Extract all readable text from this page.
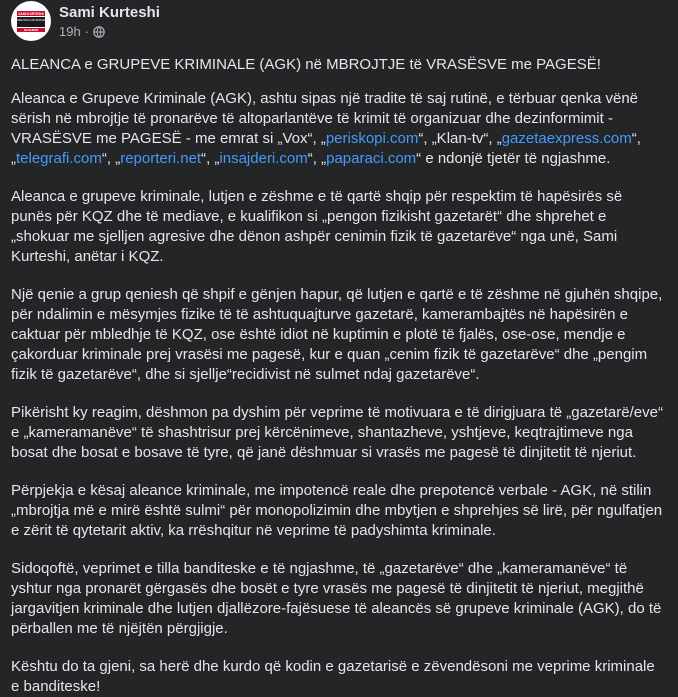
SAMI KURTESHI
DREJTËSI LIRI BARAZI
BASHKIM
Sami Kurteshi
19h ·

ALEANCA e GRUPEVE KRIMINALE (AGK) në MBROJTJE të VRASËSVE me PAGESË!

Aleanca e Grupeve Kriminale (AGK), ashtu sipas një tradite të saj rutinë, e tërbuar qenka vënë sërish në mbrojtje të pronarëve të altoparlantëve të krimit të organizuar dhe dezinformimit - VRASËSVE me PAGESË - me emrat si „Vox“, „periskopi.com“, „Klan-tv“, „gazetaexpress.com“, „telegrafi.com“, „reporteri.net“, „insajderi.com“, „paparaci.com“ e ndonjë tjetër të ngjashme.

Aleanca e grupeve kriminale, lutjen e zëshme e të qartë shqip për respektim të hapësirës së punës për KQZ dhe të mediave, e kualifikon si „pengon fizikisht gazetarët“ dhe shprehet e „shokuar me sjelljen agresive dhe dënon ashpër cenimin fizik të gazetarëve“ nga unë, Sami Kurteshi, anëtar i KQZ.

Një qenie a grup qeniesh që shpif e gënjen hapur, që lutjen e qartë e të zëshme në gjuhën shqipe, për ndalimin e mësymjes fizike të të ashtuquajturve gazetarë, kamerambajtës në hapësirën e caktuar për mbledhje të KQZ, ose është idiot në kuptimin e plotë të fjalës, ose-ose, mendje e çakorduar kriminale prej vrasësi me pagesë, kur e quan „cenim fizik të gazetarëve“ dhe „pengim fizik të gazetarëve“, dhe si sjellje“recidivist në sulmet ndaj gazetarëve“.

Pikërisht ky reagim, dëshmon pa dyshim për veprime të motivuara e të dirigjuara të „gazetarë/eve“ e „kameramanëve“ të shashtrisur prej kërcënimeve, shantazheve, yshtjeve, keqtrajtimeve nga bosat dhe bosat e bosave të tyre, që janë dëshmuar si vrasës me pagesë të dinjitetit të njeriut.

Përpjekja e kësaj aleance kriminale, me impotencë reale dhe prepotencë verbale - AGK, në stilin „mbrojtja më e mirë është sulmi“ për monopolizimin dhe mbytjen e shprehjes së lirë, për ngulfatjen e zërit të qytetarit aktiv, ka rrëshqitur në veprime të padyshimta kriminale.

Sidoqoftë, veprimet e tilla banditeske e të ngjashme, të „gazetarëve“ dhe „kameramanëve“ të yshtur nga pronarët gërgasës dhe bosët e tyre vrasës me pagesë të dinjitetit të njeriut, megjithë jargavitjen kriminale dhe lutjen djallëzore-fajësuese të aleancës së grupeve kriminale (AGK), do të përballen me të njëjtën përgjigje.

Kështu do ta gjeni, sa herë dhe kurdo që kodin e gazetarisë e zëvendësoni me veprime kriminale e banditeske!
